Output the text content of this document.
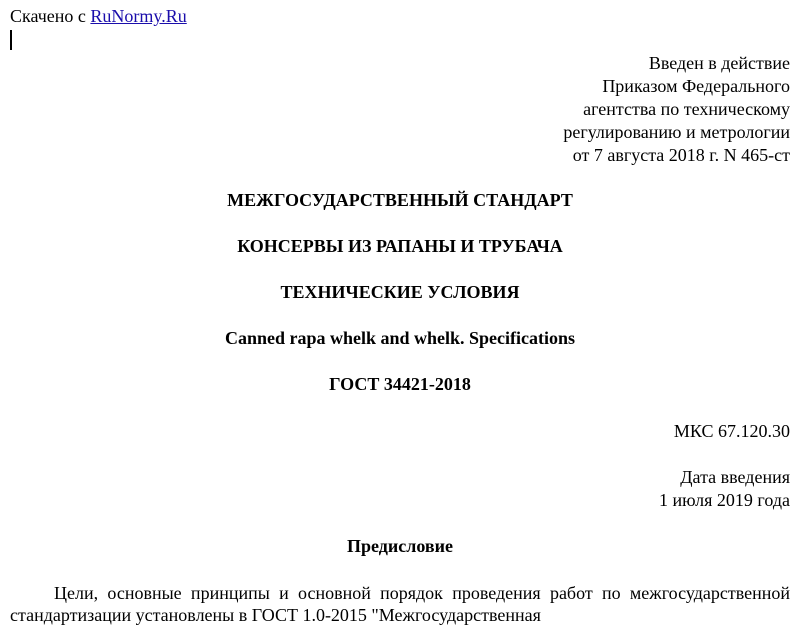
Скачено с RuNormy.Ru
Введен в действие
Приказом Федерального
агентства по техническому
регулированию и метрологии
от 7 августа 2018 г. N 465-ст
МЕЖГОСУДАРСТВЕННЫЙ СТАНДАРТ
КОНСЕРВЫ ИЗ РАПАНЫ И ТРУБАЧА
ТЕХНИЧЕСКИЕ УСЛОВИЯ
Canned rapa whelk and whelk. Specifications
ГОСТ 34421-2018
МКС 67.120.30
Дата введения
1 июля 2019 года
Предисловие
Цели, основные принципы и основной порядок проведения работ по межгосударственной стандартизации установлены в ГОСТ 1.0-2015 "Межгосударственная
